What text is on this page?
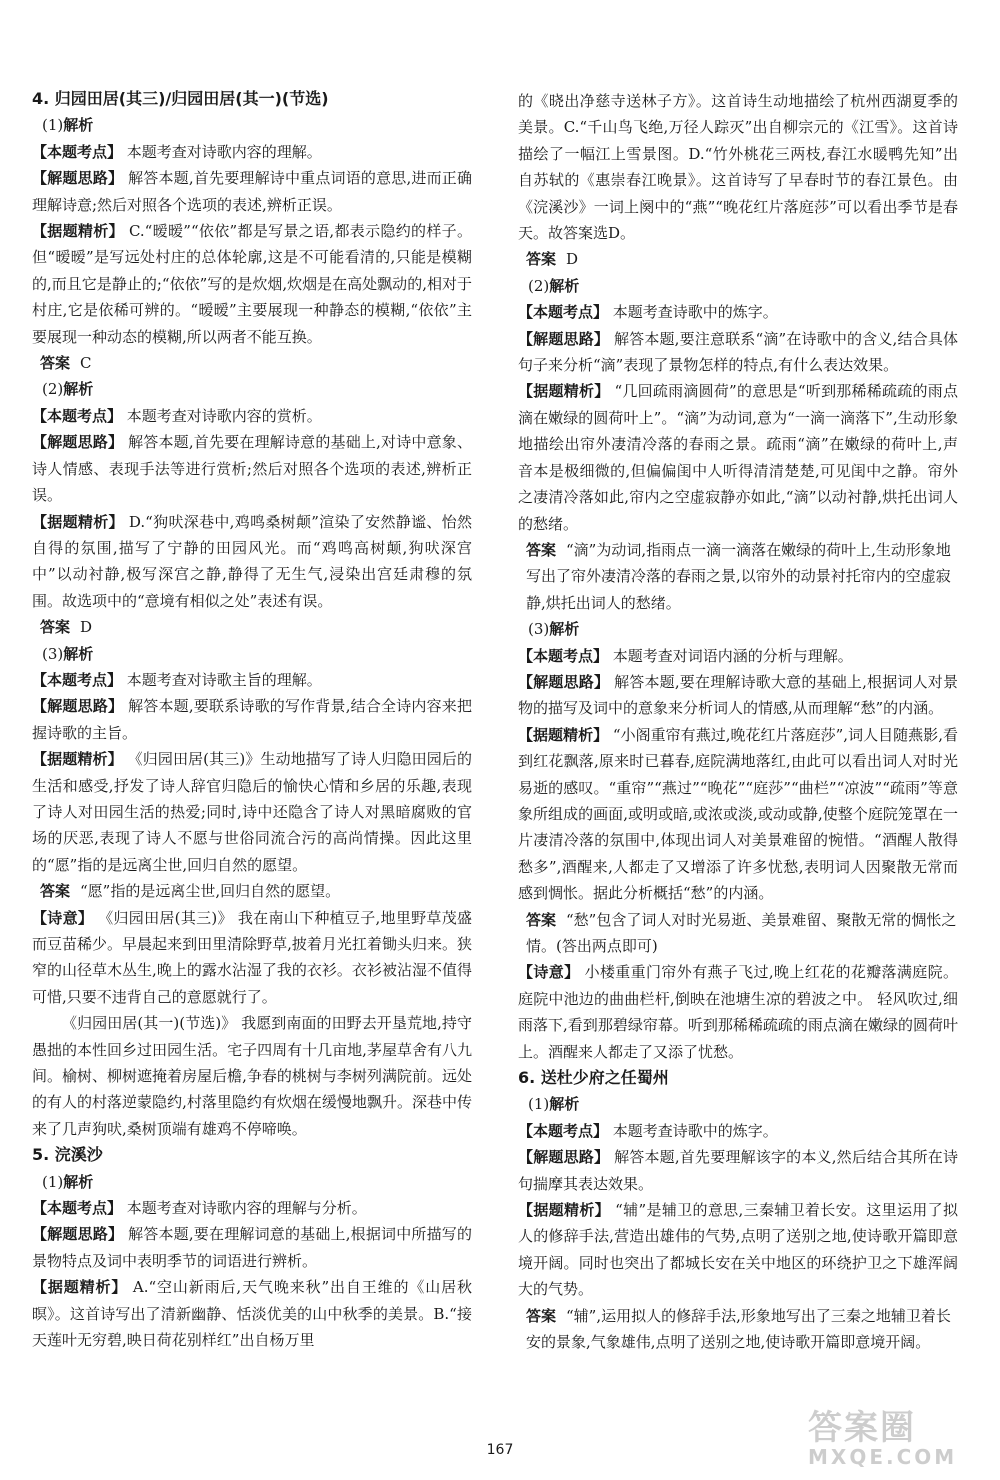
4. 归园田居(其三)/归园田居(其一)(节选)
(1)解析
【本题考点】 本题考查对诗歌内容的理解。
【解题思路】 解答本题,首先要理解诗中重点词语的意思,进而正确理解诗意;然后对照各个选项的表述,辨析正误。
【据题精析】 C.“暧暧”“依依”都是写景之语,都表示隐约的样子。但“暧暧”是写远处村庄的总体轮廓,这是不可能看清的,只能是模糊的,而且它是静止的;“依依”写的是炊烟,炊烟是在高处飘动的,相对于村庄,它是依稀可辨的。“暧暧”主要展现一种静态的模糊,“依依”主要展现一种动态的模糊,所以两者不能互换。
答案 C
(2)解析
【本题考点】 本题考查对诗歌内容的赏析。
【解题思路】 解答本题,首先要在理解诗意的基础上,对诗中意象、诗人情感、表现手法等进行赏析;然后对照各个选项的表述,辨析正误。
【据题精析】 D.“狗吠深巷中,鸡鸣桑树颠”渲染了安然静谧、怡然自得的氛围,描写了宁静的田园风光。而“鸡鸣高树颠,狗吠深宫中”以动衬静,极写深宫之静,静得了无生气,浸染出宫廷肃穆的氛围。故选项中的“意境有相似之处”表述有误。
答案 D
(3)解析
【本题考点】 本题考查对诗歌主旨的理解。
【解题思路】 解答本题,要联系诗歌的写作背景,结合全诗内容来把握诗歌的主旨。
【据题精析】 《归园田居(其三)》生动地描写了诗人归隐田园后的生活和感受,抒发了诗人辞官归隐后的愉快心情和乡居的乐趣,表现了诗人对田园生活的热爱;同时,诗中还隐含了诗人对黑暗腐败的官场的厌恶,表现了诗人不愿与世俗同流合污的高尚情操。因此这里的“愿”指的是远离尘世,回归自然的愿望。
答案 “愿”指的是远离尘世,回归自然的愿望。
【诗意】 《归园田居(其三)》 我在南山下种植豆子,地里野草茂盛而豆苗稀少。早晨起来到田里清除野草,披着月光扛着锄头归来。狭窄的山径草木丛生,晚上的露水沾湿了我的衣衫。衣衫被沾湿不值得可惜,只要不违背自己的意愿就行了。
《归园田居(其一)(节选)》 我愿到南面的田野去开垦荒地,持守愚拙的本性回乡过田园生活。宅子四周有十几亩地,茅屋草舍有八九间。榆树、柳树遮掩着房屋后檐,争春的桃树与李树列满院前。远处的有人的村落逆蒙隐约,村落里隐约有炊烟在缓慢地飘升。深巷中传来了几声狗吠,桑树顶端有雄鸡不停啼唤。
5. 浣溪沙
(1)解析
【本题考点】 本题考查对诗歌内容的理解与分析。
【解题思路】 解答本题,要在理解词意的基础上,根据词中所描写的景物特点及词中表明季节的词语进行辨析。
【据题精析】 A.“空山新雨后,天气晚来秋”出自王维的《山居秋暝》。这首诗写出了清新幽静、恬淡优美的山中秋季的美景。B.“接天莲叶无穷碧,映日荷花别样红”出自杨万里
的《晓出净慈寺送林子方》。这首诗生动地描绘了杭州西湖夏季的美景。C.“千山鸟飞绝,万径人踪灭”出自柳宗元的《江雪》。这首诗描绘了一幅江上雪景图。D.“竹外桃花三两枝,春江水暖鸭先知”出自苏轼的《惠崇春江晚景》。这首诗写了早春时节的春江景色。由《浣溪沙》一词上阕中的“燕”“晚花红片落庭莎”可以看出季节是春天。故答案选D。
答案 D
(2)解析
【本题考点】 本题考查诗歌中的炼字。
【解题思路】 解答本题,要注意联系“滴”在诗歌中的含义,结合具体句子来分析“滴”表现了景物怎样的特点,有什么表达效果。
【据题精析】 “几回疏雨滴圆荷”的意思是“听到那稀稀疏疏的雨点滴在嫩绿的圆荷叶上”。“滴”为动词,意为“一滴一滴落下”,生动形象地描绘出帘外凄清冷落的春雨之景。疏雨“滴”在嫩绿的荷叶上,声音本是极细微的,但偏偏闺中人听得清清楚楚,可见闺中之静。帘外之凄清冷落如此,帘内之空虚寂静亦如此,“滴”以动衬静,烘托出词人的愁绪。
答案 “滴”为动词,指雨点一滴一滴落在嫩绿的荷叶上,生动形象地写出了帘外凄清冷落的春雨之景,以帘外的动景衬托帘内的空虚寂静,烘托出词人的愁绪。
(3)解析
【本题考点】 本题考查对词语内涵的分析与理解。
【解题思路】 解答本题,要在理解诗歌大意的基础上,根据词人对景物的描写及词中的意象来分析词人的情感,从而理解“愁”的内涵。
【据题精析】 “小阁重帘有燕过,晚花红片落庭莎”,词人目随燕影,看到红花飘落,原来时已暮春,庭院满地落红,由此可以看出词人对时光易逝的感叹。“重帘”“燕过”“晚花”“庭莎”“曲栏”“凉波”“疏雨”等意象所组成的画面,或明或暗,或浓或淡,或动或静,使整个庭院笼罩在一片凄清冷落的氛围中,体现出词人对美景难留的惋惜。“酒醒人散得愁多”,酒醒来,人都走了又增添了许多忧愁,表明词人因聚散无常而感到惆怅。据此分析概括“愁”的内涵。
答案 “愁”包含了词人对时光易逝、美景难留、聚散无常的惆怅之情。(答出两点即可)
【诗意】 小楼重重门帘外有燕子飞过,晚上红花的花瓣落满庭院。庭院中池边的曲曲栏杆,倒映在池塘生凉的碧波之中。 轻风吹过,细雨落下,看到那碧绿帘幕。听到那稀稀疏疏的雨点滴在嫩绿的圆荷叶上。酒醒来人都走了又添了忧愁。
6. 送杜少府之任蜀州
(1)解析
【本题考点】 本题考查诗歌中的炼字。
【解题思路】 解答本题,首先要理解该字的本义,然后结合其所在诗句揣摩其表达效果。
【据题精析】 “辅”是辅卫的意思,三秦辅卫着长安。这里运用了拟人的修辞手法,营造出雄伟的气势,点明了送别之地,使诗歌开篇即意境开阔。同时也突出了都城长安在关中地区的环绕护卫之下雄浑阔大的气势。
答案 “辅”,运用拟人的修辞手法,形象地写出了三秦之地辅卫着长安的景象,气象雄伟,点明了送别之地,使诗歌开篇即意境开阔。
167
答案圈
MXQE.COM
